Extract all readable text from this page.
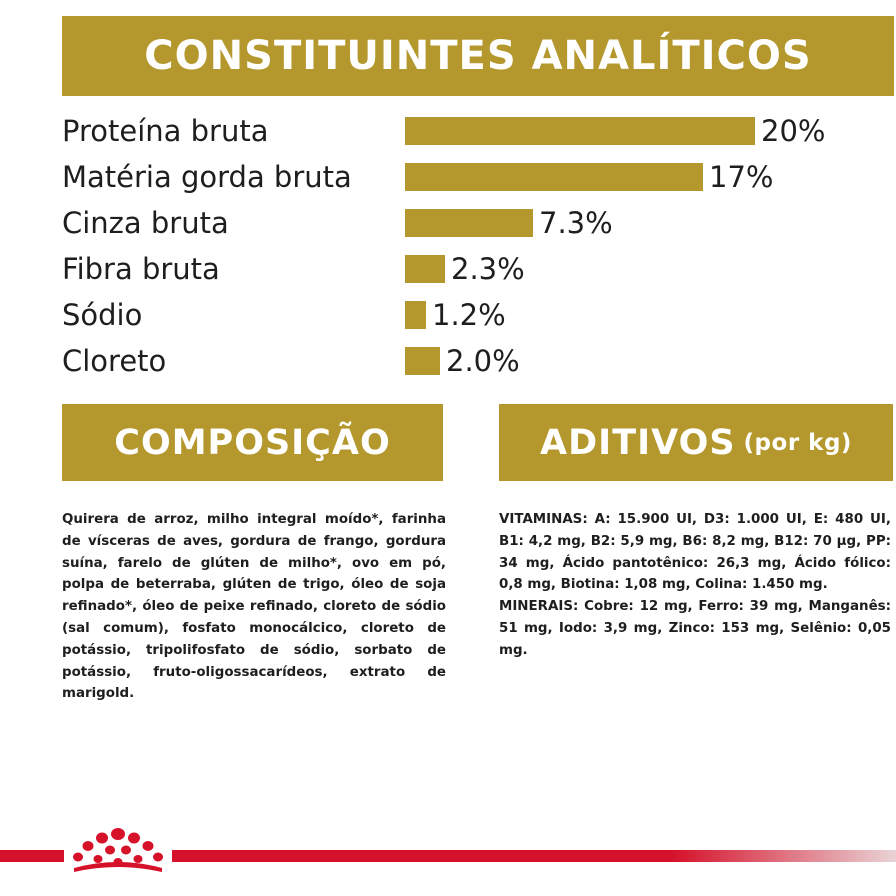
CONSTITUINTES ANALÍTICOS
Proteína bruta	20%
Matéria gorda bruta	17%
Cinza bruta	7.3%
Fibra bruta	2.3%
Sódio	1.2%
Cloreto	2.0%
COMPOSIÇÃO	ADITIVOS (por kg)
Quirera de arroz, milho integral moído*, farinha de vísceras de aves, gordura de frango, gordura suína, farelo de glúten de milho*, ovo em pó, polpa de beterraba, glúten de trigo, óleo de soja refinado*, óleo de peixe refinado, cloreto de sódio (sal comum), fosfato monocálcico, cloreto de potássio, tripolifosfato de sódio, sorbato de potássio, fruto-oligossacarídeos, extrato de marigold.
VITAMINAS: A: 15.900 UI, D3: 1.000 UI, E: 480 UI, B1: 4,2 mg, B2: 5,9 mg, B6: 8,2 mg, B12: 70 µg, PP: 34 mg, Ácido pantotênico: 26,3 mg, Ácido fólico: 0,8 mg, Biotina: 1,08 mg, Colina: 1.450 mg.
MINERAIS: Cobre: 12 mg, Ferro: 39 mg, Manganês: 51 mg, Iodo: 3,9 mg, Zinco: 153 mg, Selênio: 0,05 mg.
